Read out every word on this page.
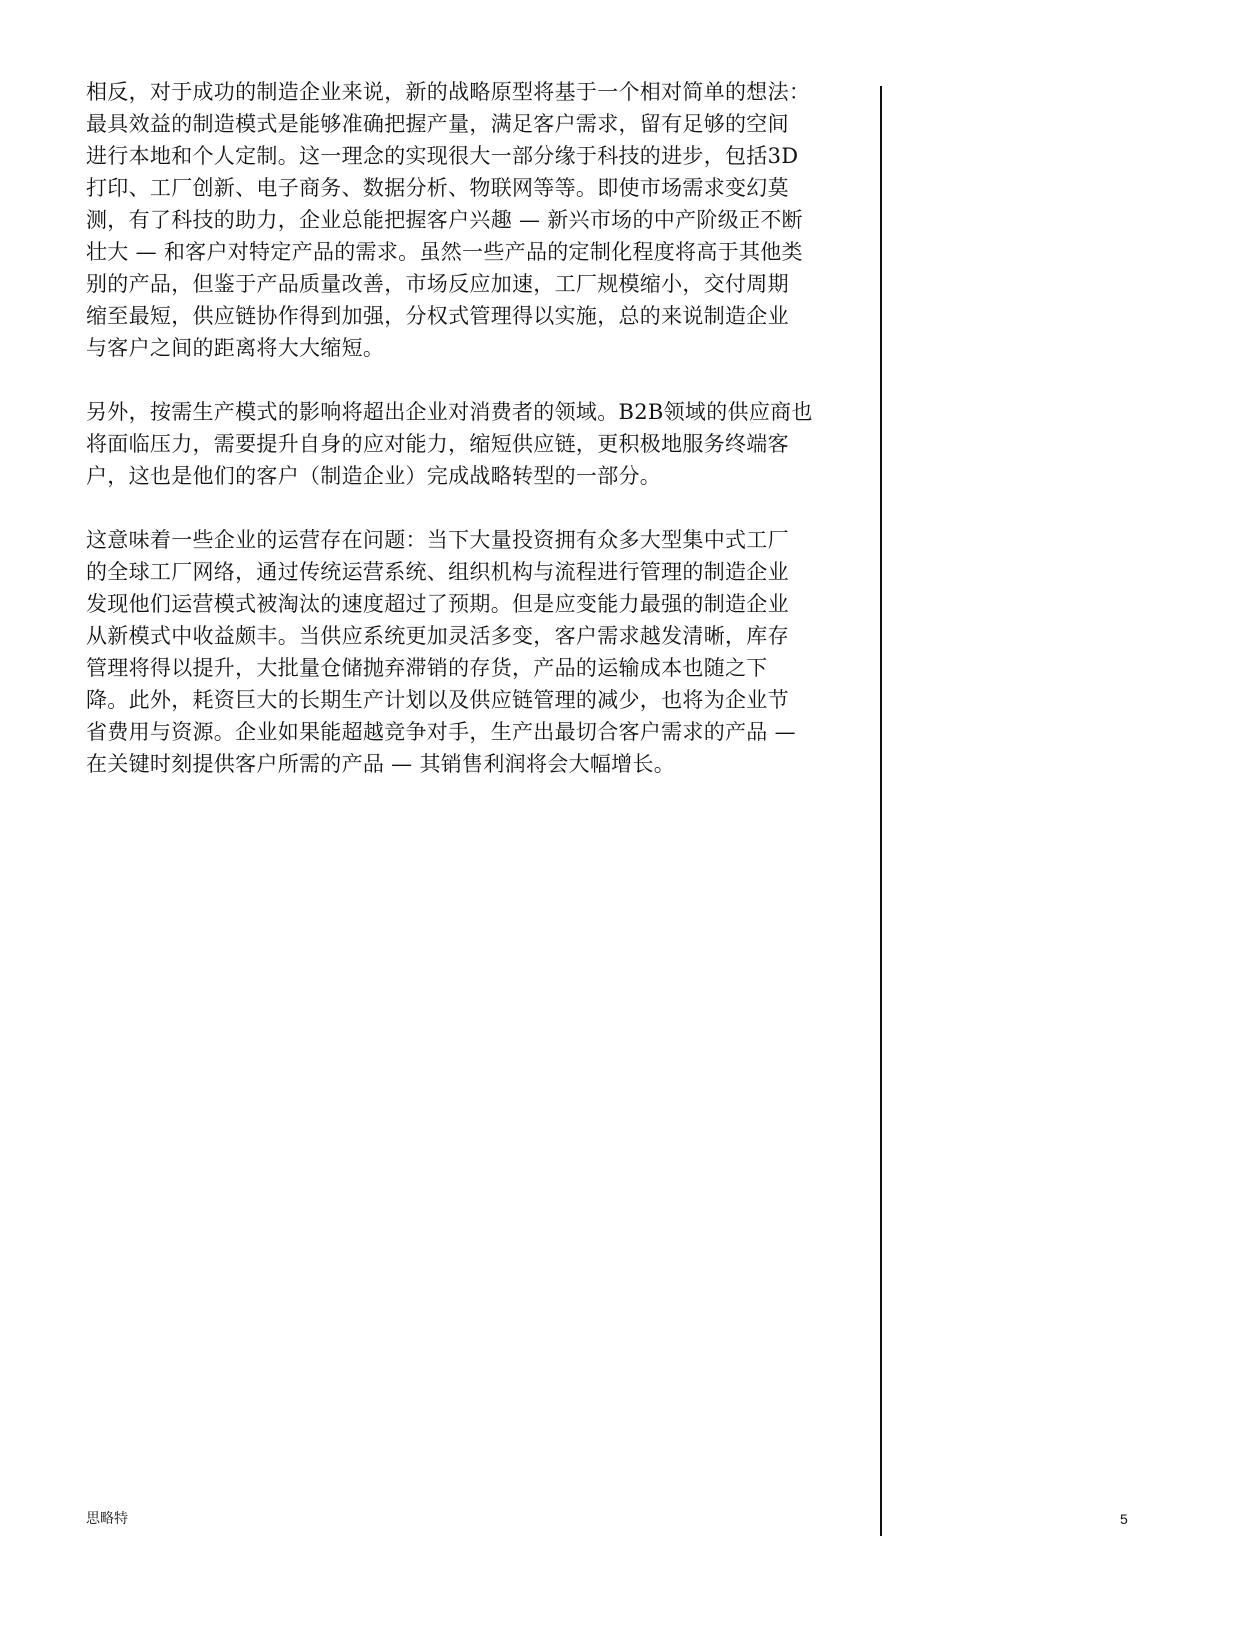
相反，对于成功的制造企业来说，新的战略原型将基于一个相对简单的想法：
最具效益的制造模式是能够准确把握产量，满足客户需求，留有足够的空间
进行本地和个人定制。这一理念的实现很大一部分缘于科技的进步，包括3D
打印、工厂创新、电子商务、数据分析、物联网等等。即使市场需求变幻莫
测，有了科技的助力，企业总能把握客户兴趣 — 新兴市场的中产阶级正不断
壮大 — 和客户对特定产品的需求。虽然一些产品的定制化程度将高于其他类
别的产品，但鉴于产品质量改善，市场反应加速，工厂规模缩小，交付周期
缩至最短，供应链协作得到加强，分权式管理得以实施，总的来说制造企业
与客户之间的距离将大大缩短。
另外，按需生产模式的影响将超出企业对消费者的领域。B2B领域的供应商也
将面临压力，需要提升自身的应对能力，缩短供应链，更积极地服务终端客
户，这也是他们的客户（制造企业）完成战略转型的一部分。
这意味着一些企业的运营存在问题：当下大量投资拥有众多大型集中式工厂
的全球工厂网络，通过传统运营系统、组织机构与流程进行管理的制造企业
发现他们运营模式被淘汰的速度超过了预期。但是应变能力最强的制造企业
从新模式中收益颇丰。当供应系统更加灵活多变，客户需求越发清晰，库存
管理将得以提升，大批量仓储抛弃滞销的存货，产品的运输成本也随之下
降。此外，耗资巨大的长期生产计划以及供应链管理的减少，也将为企业节
省费用与资源。企业如果能超越竞争对手，生产出最切合客户需求的产品 —
在关键时刻提供客户所需的产品 — 其销售利润将会大幅增长。
思略特	5
